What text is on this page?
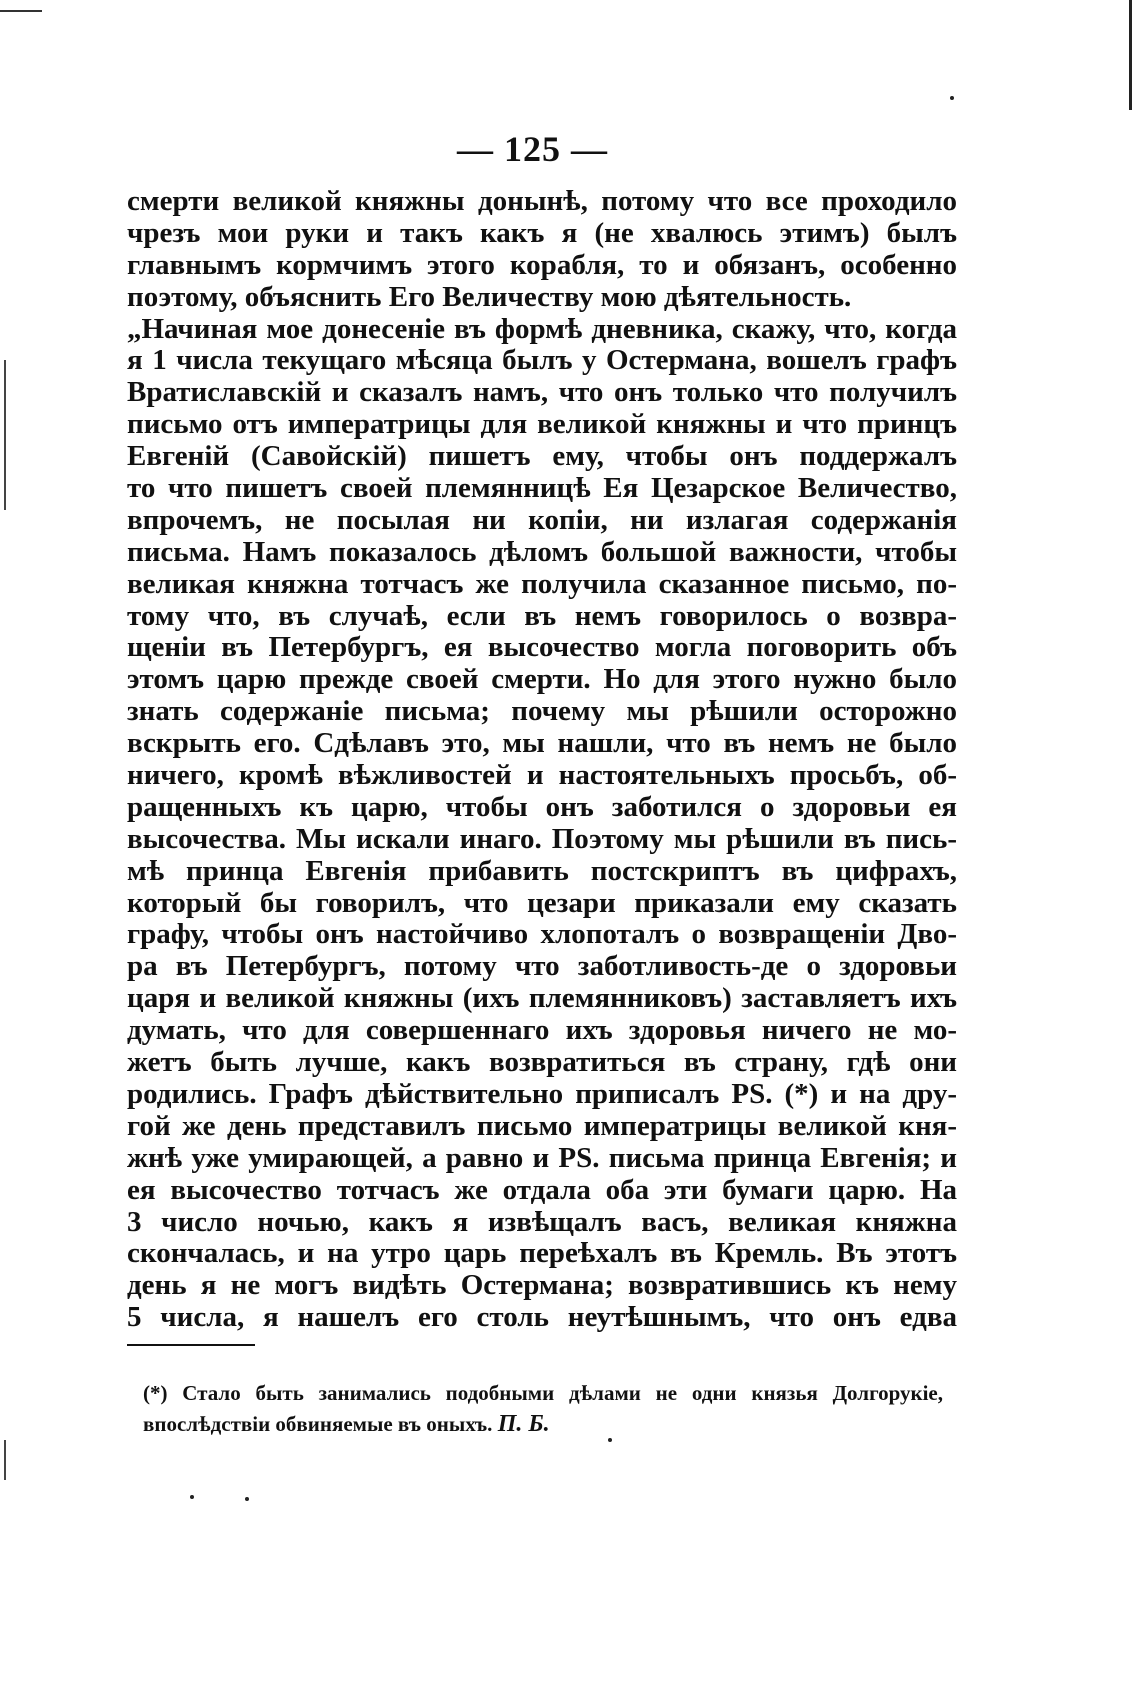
— 125 —
смерти великой княжны донынѣ, потому что все проходило
чрезъ мои руки и такъ какъ я (не хвалюсь этимъ) былъ
главнымъ кормчимъ этого корабля, то и обязанъ, особенно
поэтому, объяснить Его Величеству мою дѣятельность.
„Начиная мое донесеніе въ формѣ дневника, скажу, что, когда
я 1 числа текущаго мѣсяца былъ у Остермана, вошелъ графъ
Вратиславскій и сказалъ намъ, что онъ только что получилъ
письмо отъ императрицы для великой княжны и что принцъ
Евгеній (Савойскій) пишетъ ему, чтобы онъ поддержалъ
то что пишетъ своей племянницѣ Ея Цезарское Величество,
впрочемъ, не посылая ни копіи, ни излагая содержанія
письма. Намъ показалось дѣломъ большой важности, чтобы
великая княжна тотчасъ же получила сказанное письмо, по-
тому что, въ случаѣ, если въ немъ говорилось о возвра-
щеніи въ Петербургъ, ея высочество могла поговорить объ
этомъ царю прежде своей смерти. Но для этого нужно было
знать содержаніе письма; почему мы рѣшили осторожно
вскрыть его. Сдѣлавъ это, мы нашли, что въ немъ не было
ничего, кромѣ вѣжливостей и настоятельныхъ просьбъ, об-
ращенныхъ къ царю, чтобы онъ заботился о здоровьи ея
высочества. Мы искали инаго. Поэтому мы рѣшили въ пись-
мѣ принца Евгенія прибавить постскриптъ въ цифрахъ,
который бы говорилъ, что цезари приказали ему сказать
графу, чтобы онъ настойчиво хлопоталъ о возвращеніи Дво-
ра въ Петербургъ, потому что заботливость-де о здоровьи
царя и великой княжны (ихъ племянниковъ) заставляетъ ихъ
думать, что для совершеннаго ихъ здоровья ничего не мо-
жетъ быть лучше, какъ возвратиться въ страну, гдѣ они
родились. Графъ дѣйствительно приписалъ PS. (*) и на дру-
гой же день представилъ письмо императрицы великой кня-
жнѣ уже умирающей, а равно и PS. письма принца Евгенія; и
ея высочество тотчасъ же отдала оба эти бумаги царю. На
3 число ночью, какъ я извѣщалъ васъ, великая княжна
скончалась, и на утро царь переѣхалъ въ Кремль. Въ этотъ
день я не могъ видѣть Остермана; возвратившись къ нему
5 числа, я нашелъ его столь неутѣшнымъ, что онъ едва
(*) Стало быть занимались подобными дѣлами не одни князья Долгорукіе,
впослѣдствіи обвиняемые въ оныхъ. П. Б.
